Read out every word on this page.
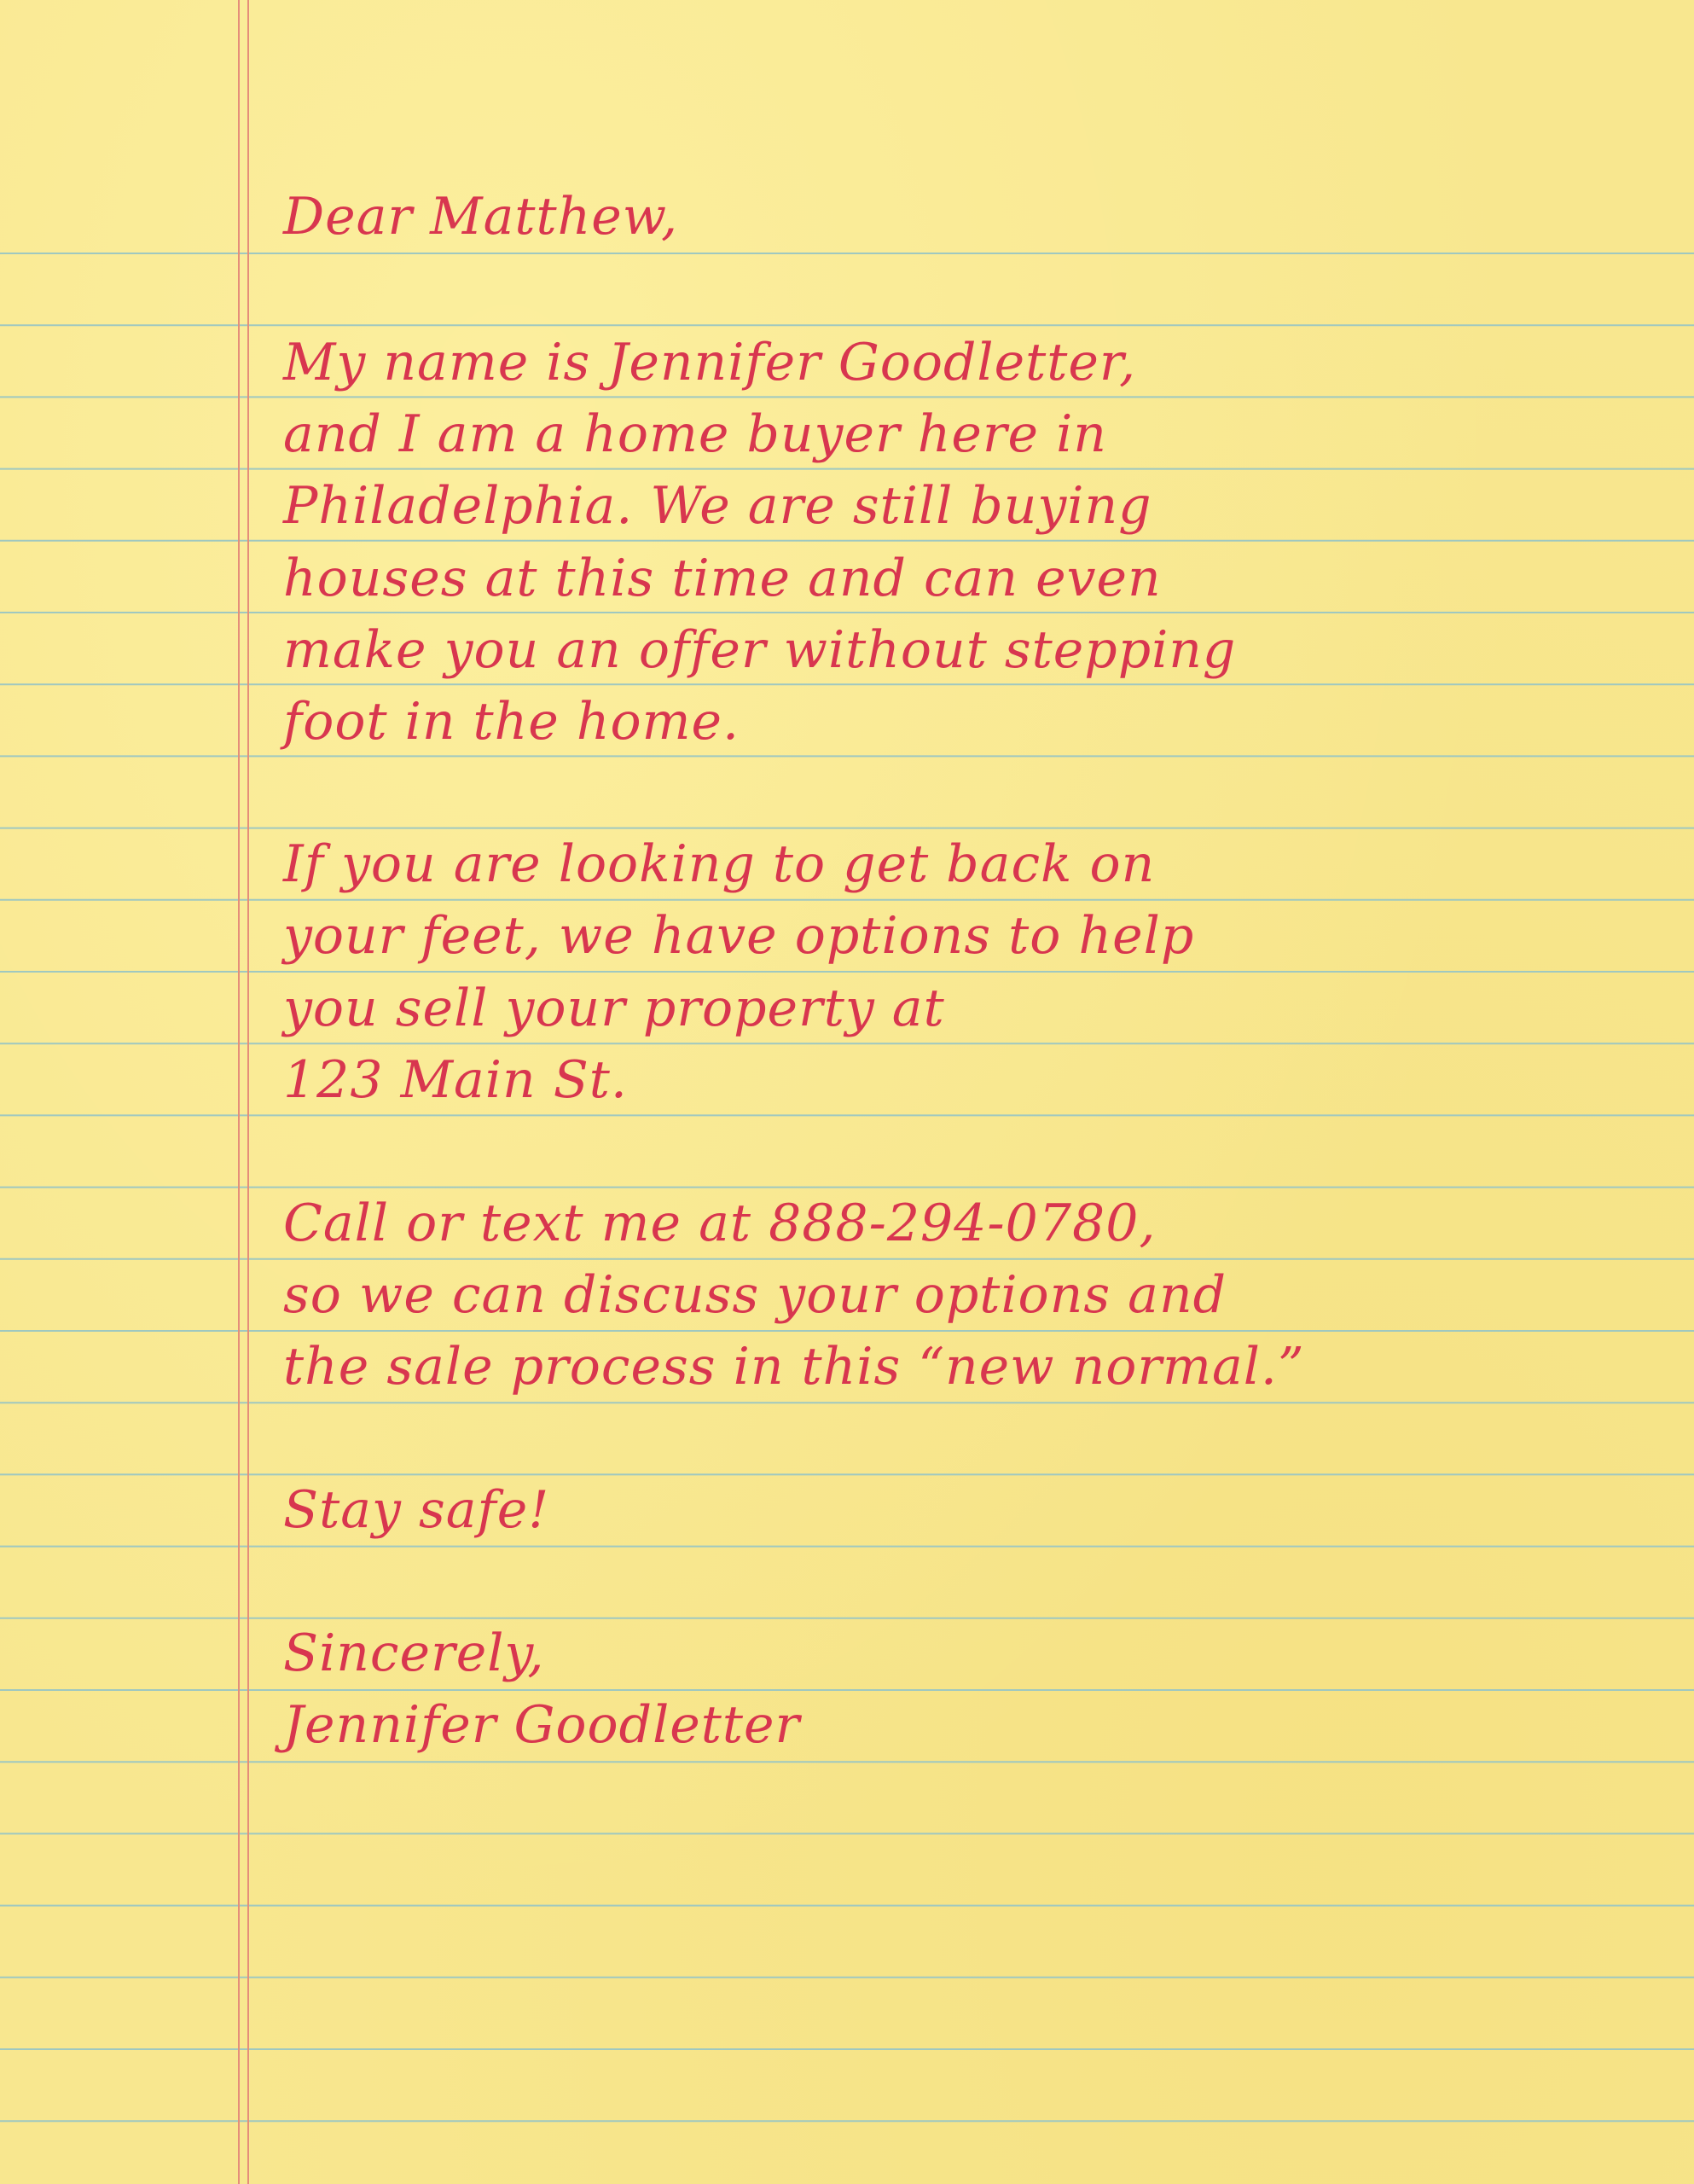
Dear Matthew,

My name is Jennifer Goodletter,

and I am a home buyer here in

Philadelphia. We are still buying

houses at this time and can even

make you an offer without stepping

foot in the home.

If you are looking to get back on

your feet, we have options to help

you sell your property at

123 Main St.

Call or text me at 888-294-0780,

so we can discuss your options and

the sale process in this “new normal.”

Stay safe!

Sincerely,

Jennifer Goodletter
